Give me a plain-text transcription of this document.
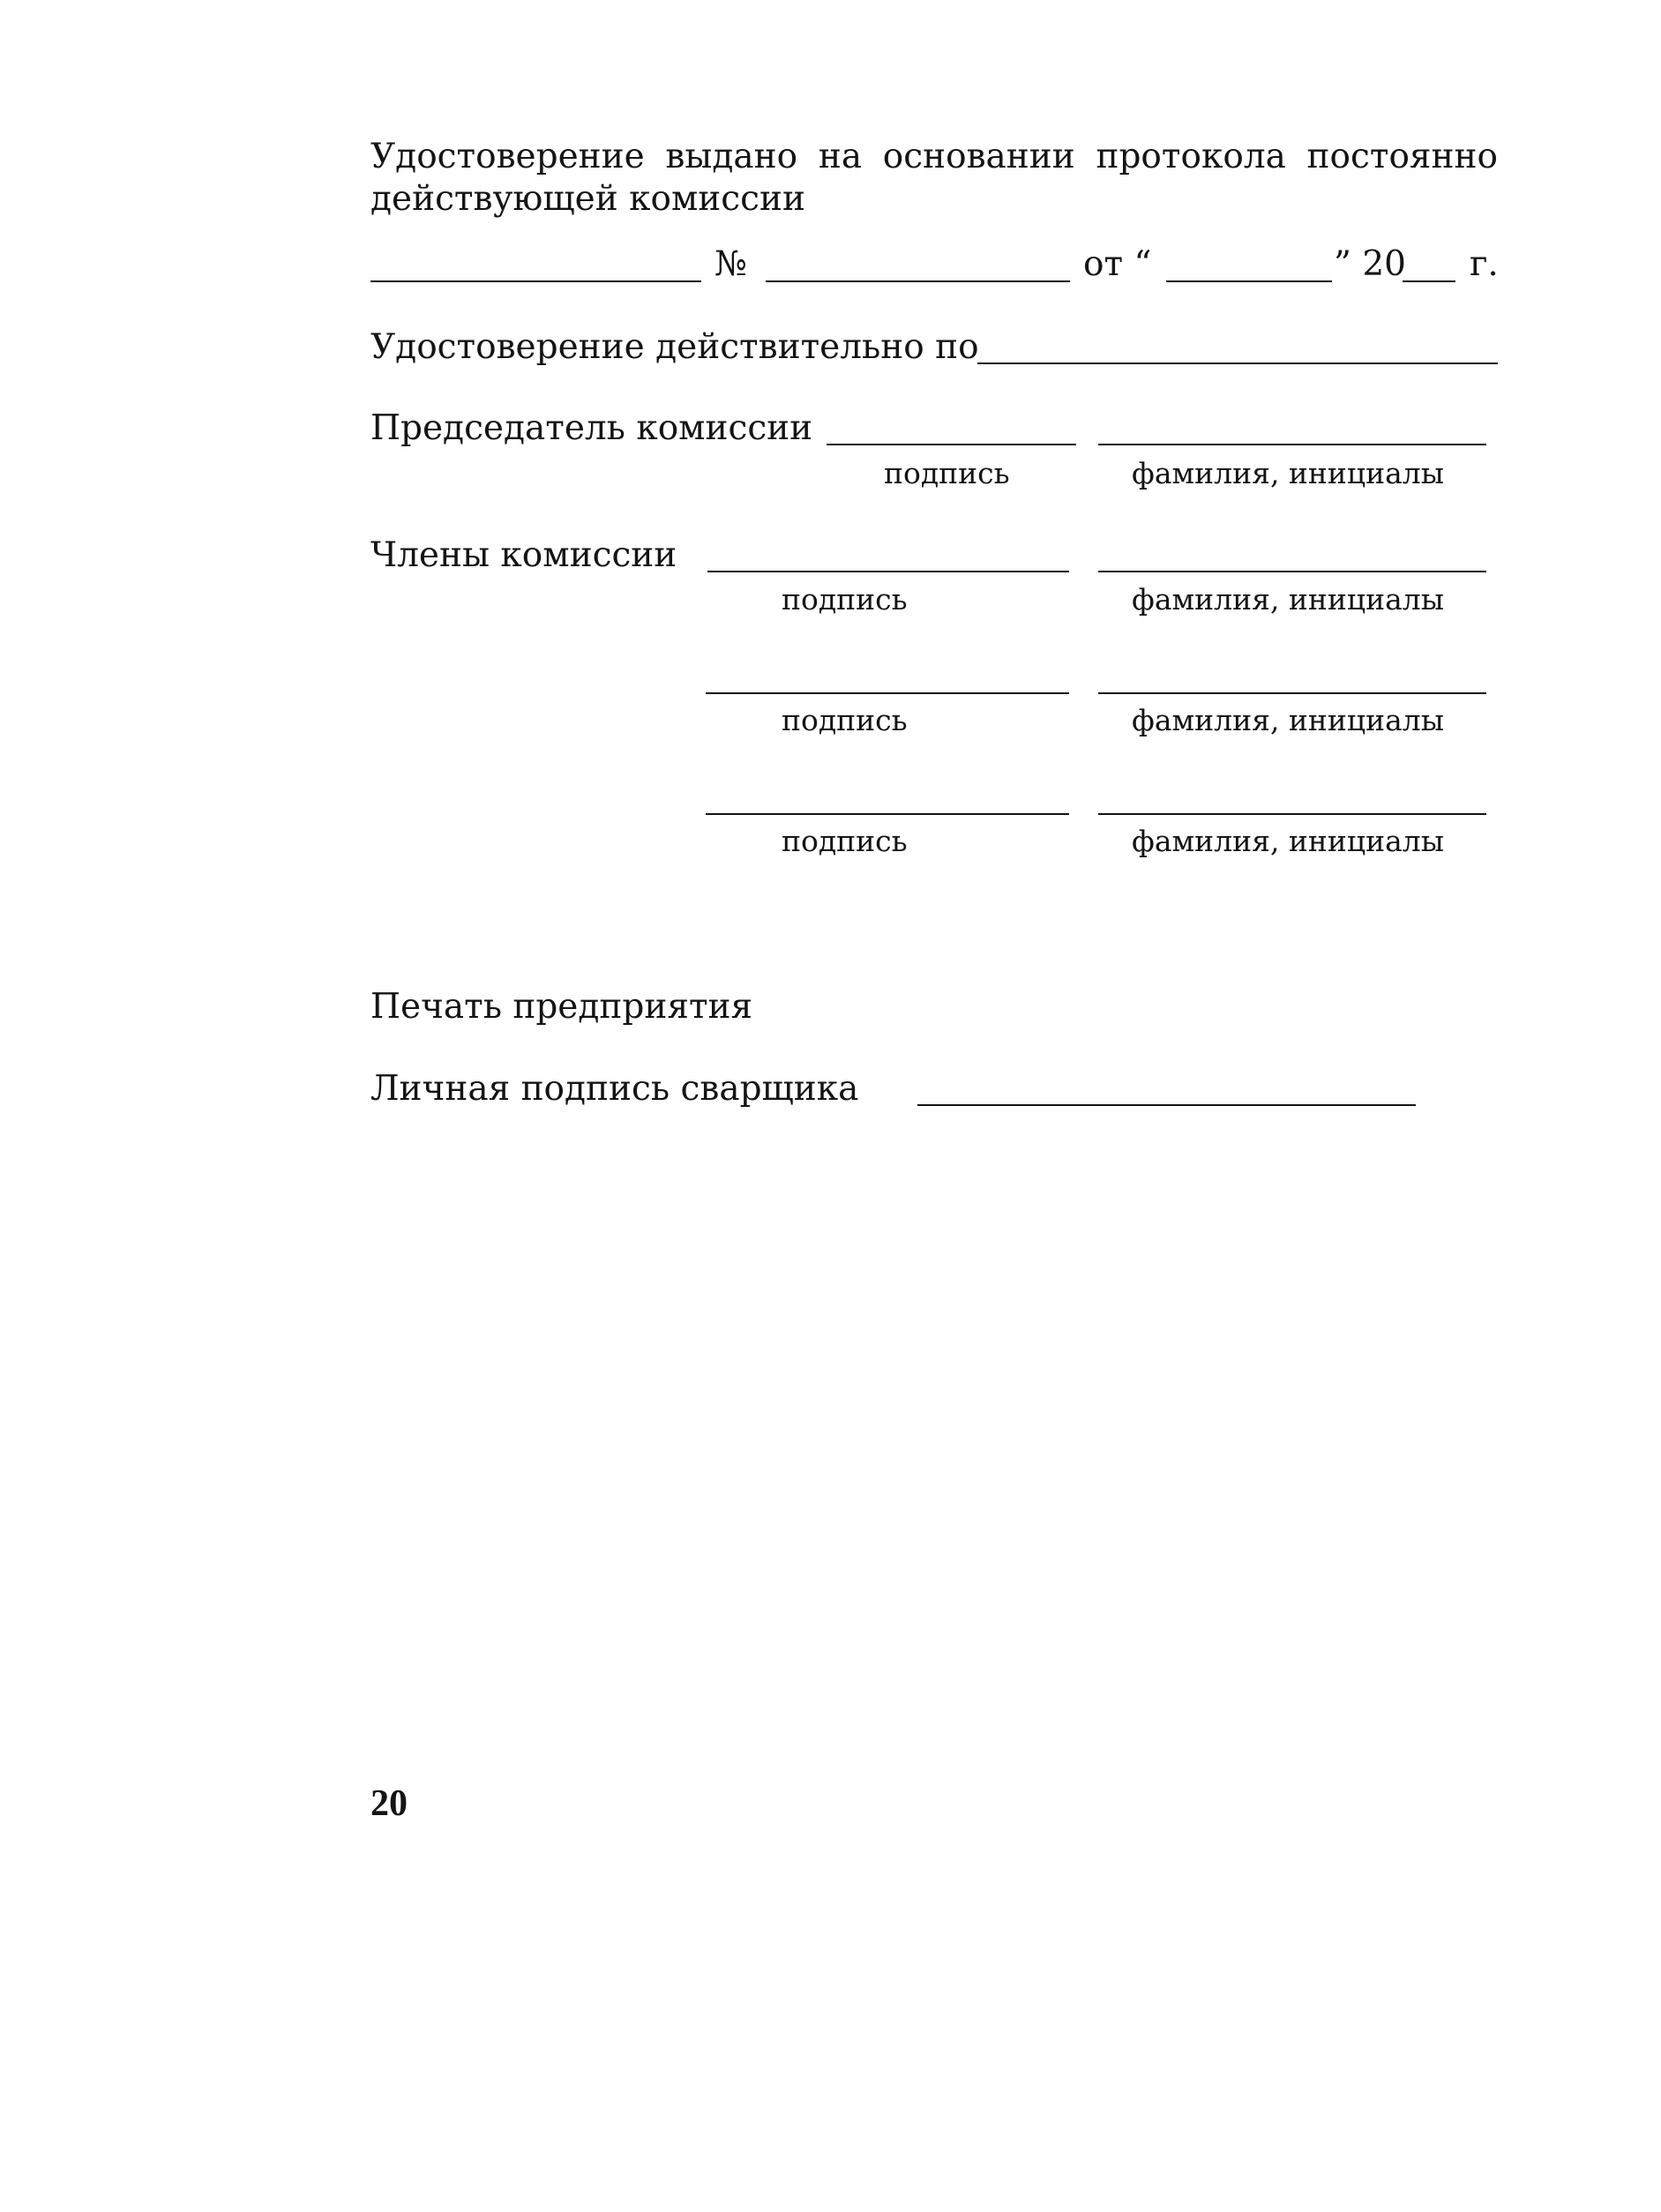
Удостоверение выдано на основании протокола постоянно
действующей комиссии
№	от “	” 20 г.
Удостоверение действительно по
Председатель комиссии
подпись	фамилия, инициалы
Члены комиссии
подпись	фамилия, инициалы
подпись	фамилия, инициалы
подпись	фамилия, инициалы
Печать предприятия
Личная подпись сварщика
20
